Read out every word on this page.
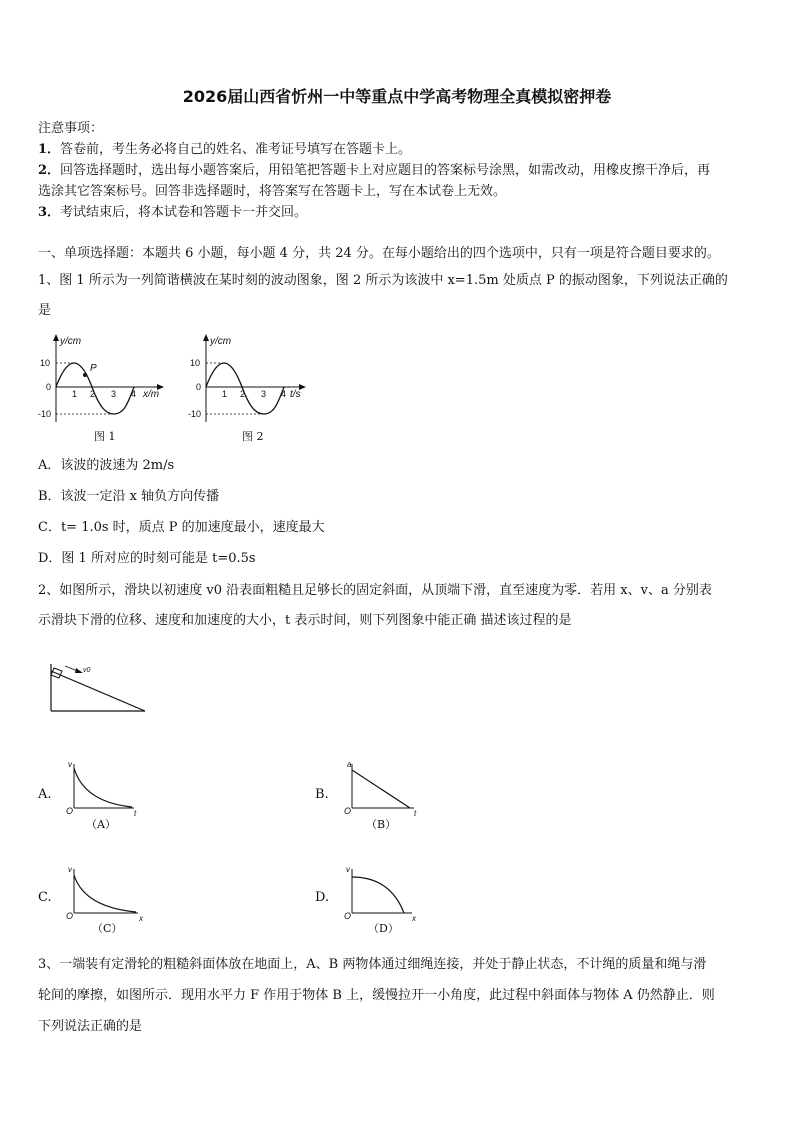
2026届山西省忻州一中等重点中学高考物理全真模拟密押卷
注意事项：
1．答卷前，考生务必将自己的姓名、准考证号填写在答题卡上。
2．回答选择题时，选出每小题答案后，用铅笔把答题卡上对应题目的答案标号涂黑，如需改动，用橡皮擦干净后，再
选涂其它答案标号。回答非选择题时，将答案写在答题卡上，写在本试卷上无效。
3．考试结束后，将本试卷和答题卡一并交回。
一、单项选择题：本题共 6 小题，每小题 4 分，共 24 分。在每小题给出的四个选项中，只有一项是符合题目要求的。
1、图 1 所示为一列简谐横波在某时刻的波动图象，图 2 所示为该波中 x=1.5m 处质点 P 的振动图象，下列说法正确的
是
y/cm
10
0
-10
1 2 3 4
P
x/m
图 1
y/cm
10
0
-10
1 2 3 4 t/s
图 2
A．该波的波速为 2m/s
B．该波一定沿 x 轴负方向传播
C．t= 1.0s 时，质点 P 的加速度最小，速度最大
D．图 1 所对应的时刻可能是 t=0.5s
2、如图所示，滑块以初速度 v0 沿表面粗糙且足够长的固定斜面，从顶端下滑，直至速度为零．若用 x、v、a 分别表
示滑块下滑的位移、速度和加速度的大小，t 表示时间，则下列图象中能正确 描述该过程的是
v0
A.
v
O	t
（A）
B.
a
O	t
（B）
C.
v
O	x
（C）
D.
v
O	x
（D）
3、一端装有定滑轮的粗糙斜面体放在地面上，A、B 两物体通过细绳连接，并处于静止状态，不计绳的质量和绳与滑
轮间的摩擦，如图所示．现用水平力 F 作用于物体 B 上，缓慢拉开一小角度，此过程中斜面体与物体 A 仍然静止．则
下列说法正确的是
